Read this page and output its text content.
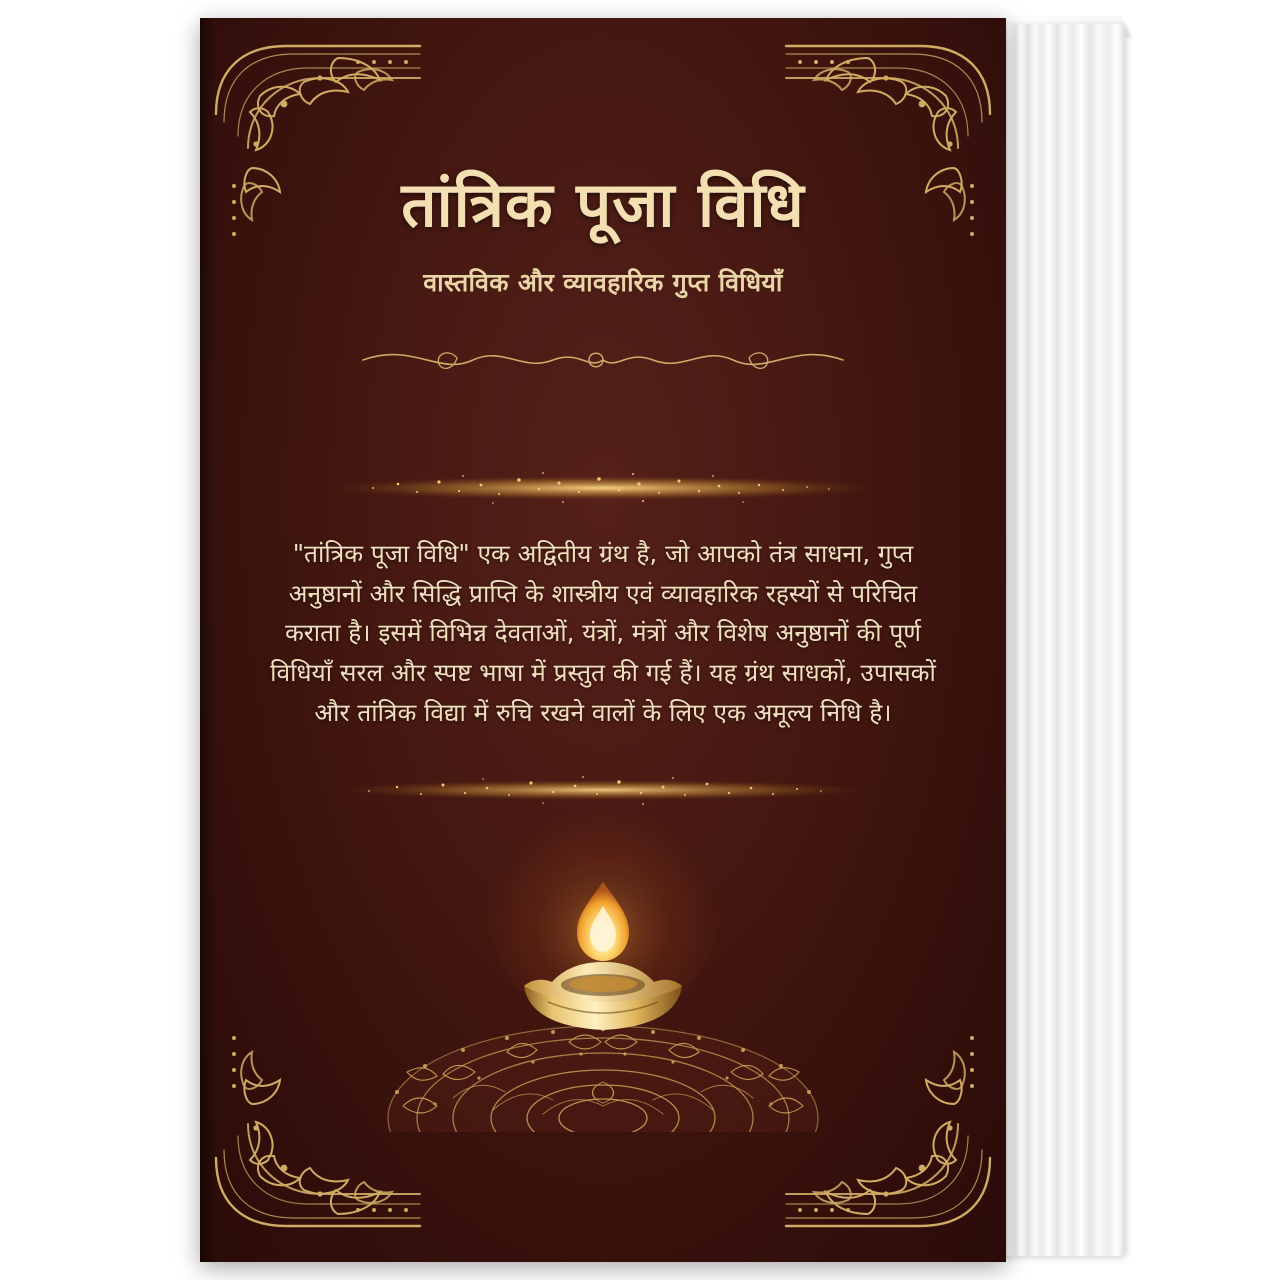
तांत्रिक पूजा विधि
वास्तविक और व्यावहारिक गुप्त विधियाँ
"तांत्रिक पूजा विधि" एक अद्वितीय ग्रंथ है, जो आपको तंत्र साधना, गुप्त अनुष्ठानों और सिद्धि प्राप्ति के शास्त्रीय एवं व्यावहारिक रहस्यों से परिचित कराता है। इसमें विभिन्न देवताओं, यंत्रों, मंत्रों और विशेष अनुष्ठानों की पूर्ण विधियाँ सरल और स्पष्ट भाषा में प्रस्तुत की गई हैं। यह ग्रंथ साधकों, उपासकों और तांत्रिक विद्या में रुचि रखने वालों के लिए एक अमूल्य निधि है।
